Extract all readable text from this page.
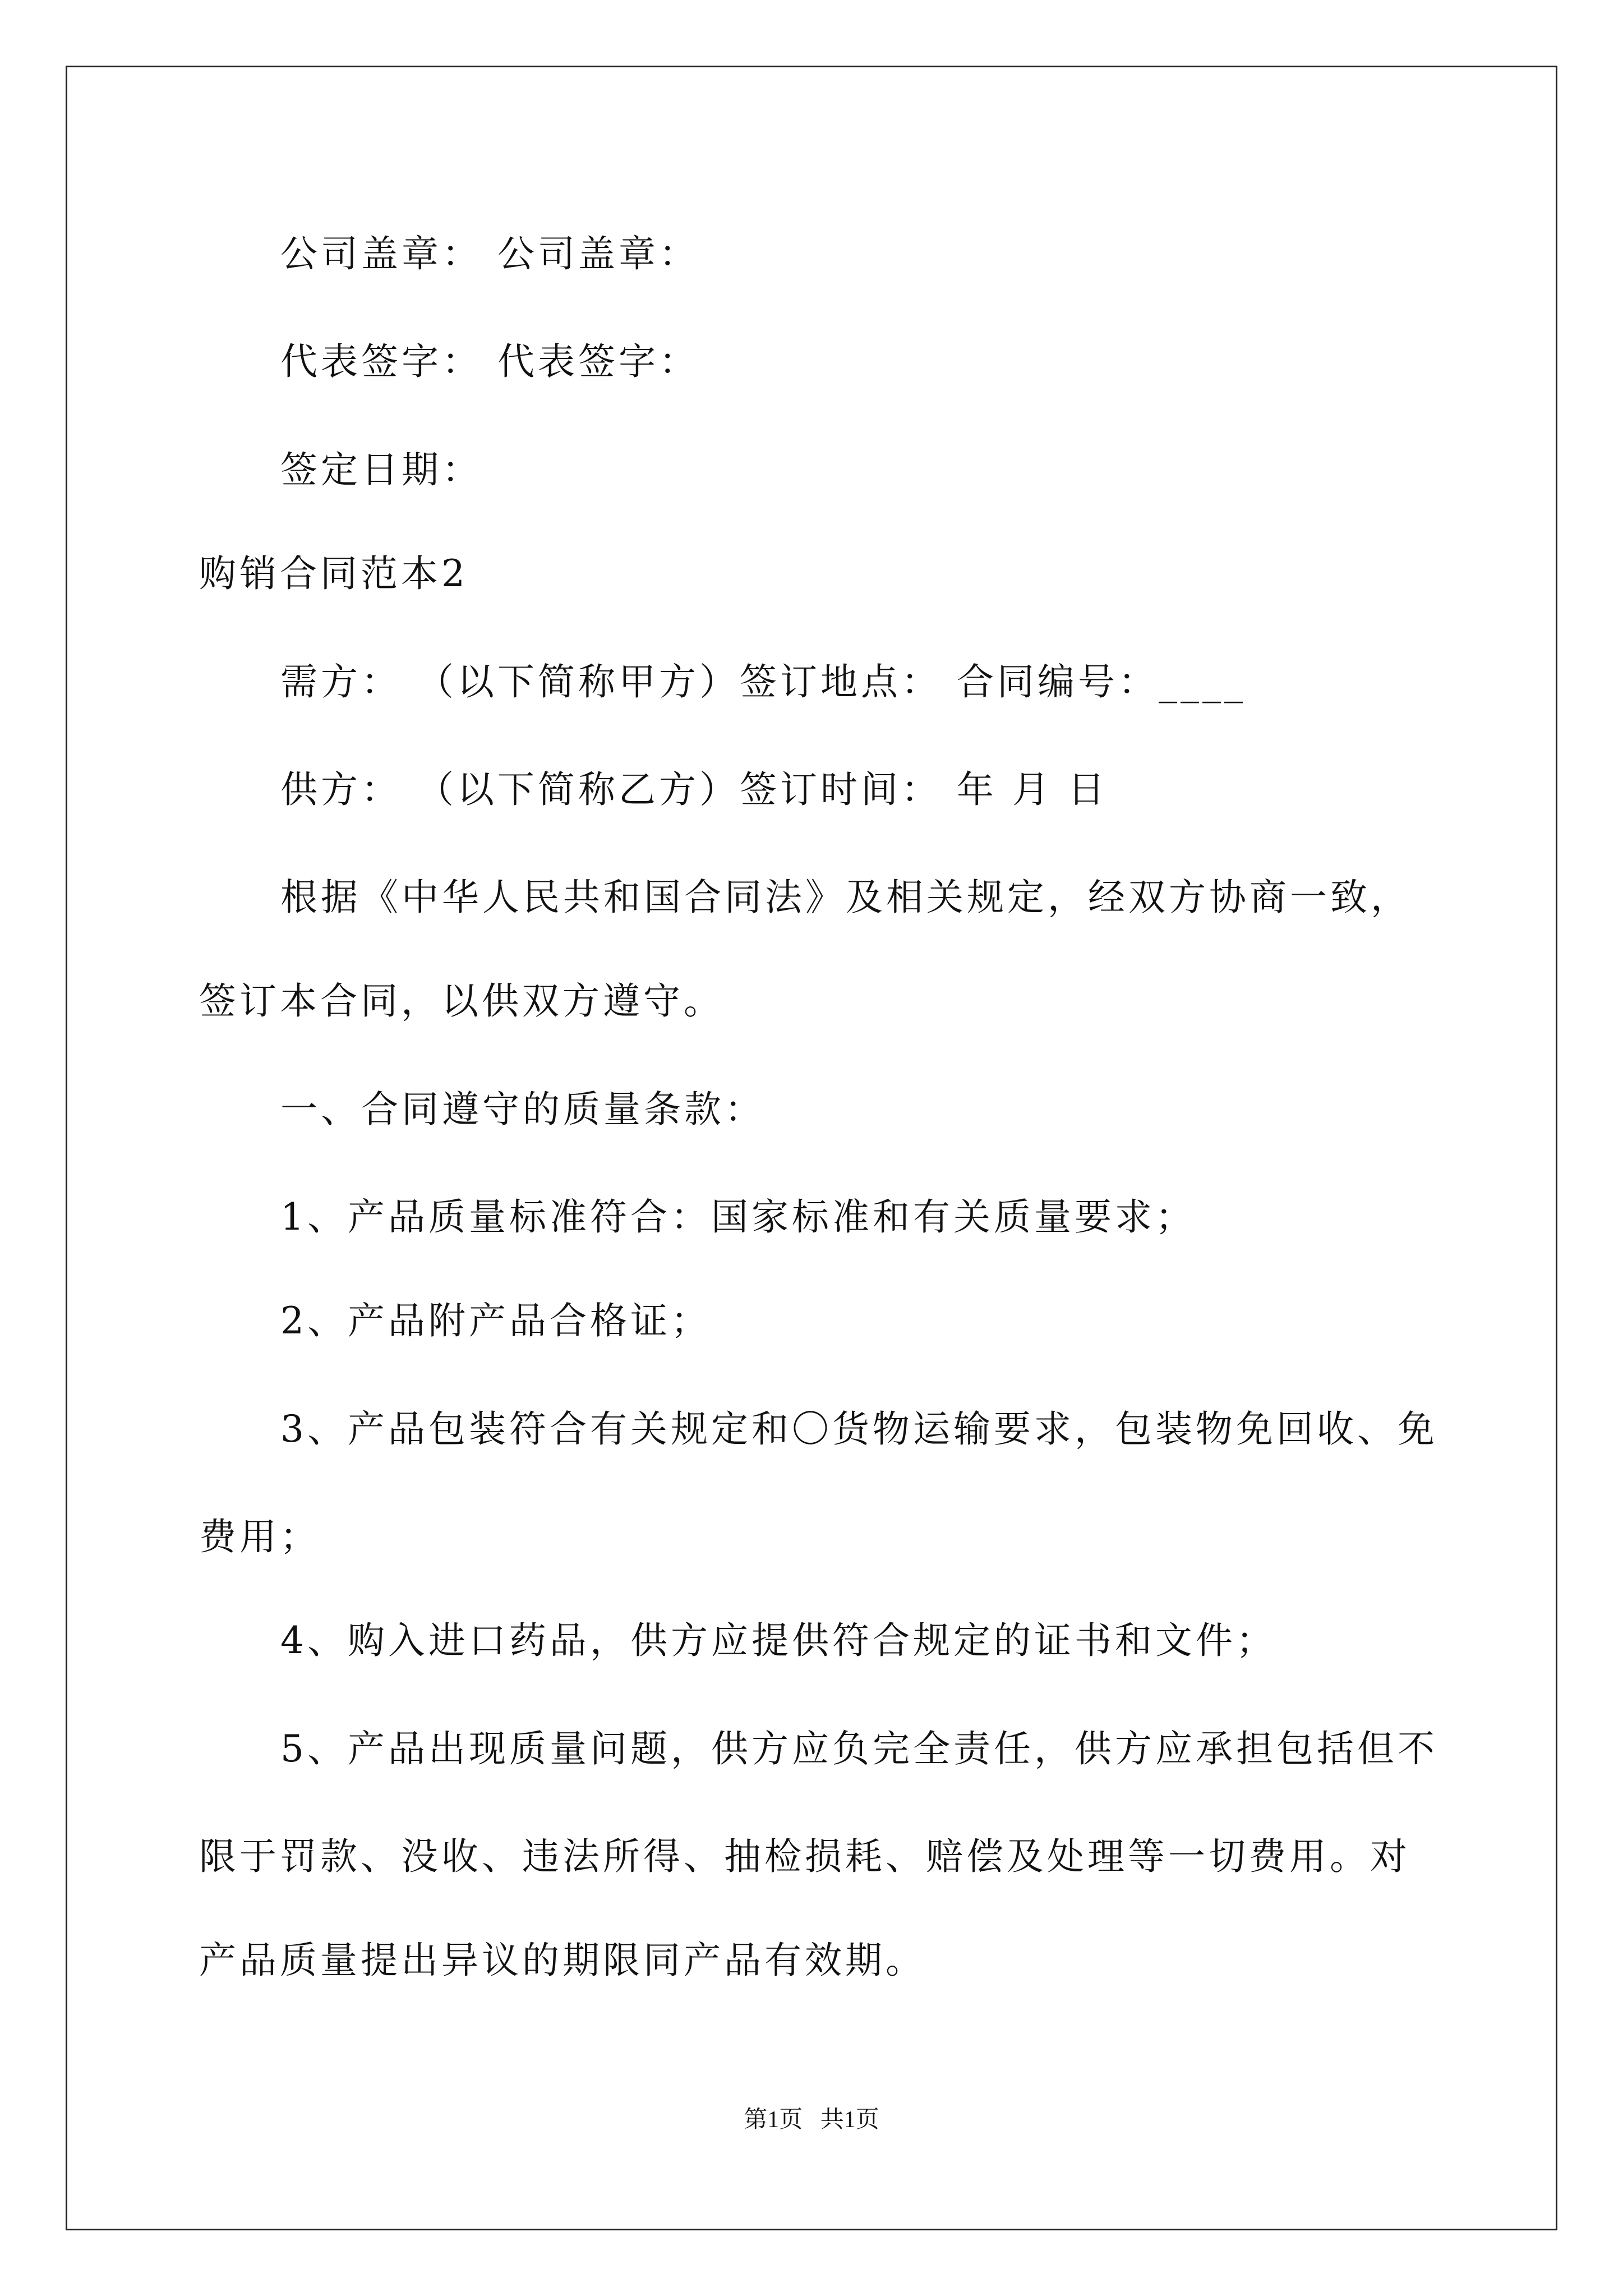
公司盖章： 公司盖章：
代表签字： 代表签字：
签定日期：
购销合同范本2
需方： （以下简称甲方）签订地点： 合同编号：____
供方： （以下简称乙方）签订时间： 年 月 日
根据《中华人民共和国合同法》及相关规定，经双方协商一致，
签订本合同，以供双方遵守。
一、合同遵守的质量条款：
1、产品质量标准符合：国家标准和有关质量要求；
2、产品附产品合格证；
3、产品包装符合有关规定和〇货物运输要求，包装物免回收、免
费用；
4、购入进口药品，供方应提供符合规定的证书和文件；
5、产品出现质量问题，供方应负完全责任，供方应承担包括但不
限于罚款、没收、违法所得、抽检损耗、赔偿及处理等一切费用。对
产品质量提出异议的期限同产品有效期。
第1页   共1页
